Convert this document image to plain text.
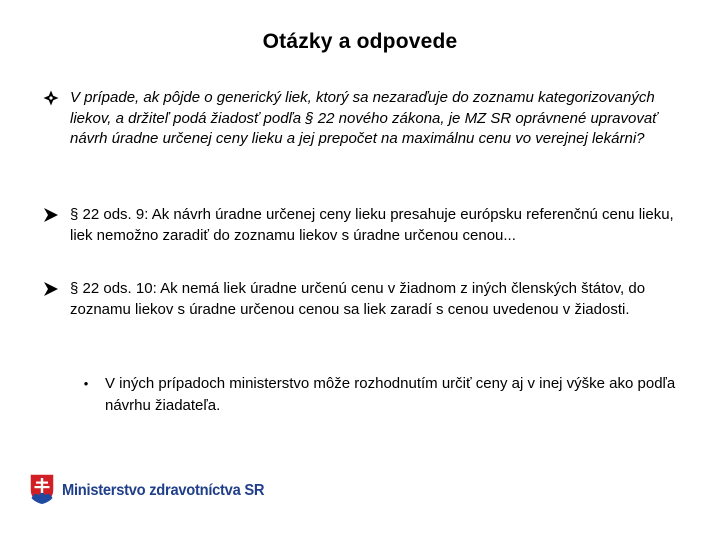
Otázky a odpovede
V prípade, ak pôjde o generický liek, ktorý sa nezaraďuje do zoznamu kategorizovaných liekov, a držiteľ podá žiadosť podľa § 22 nového zákona, je MZ SR oprávnené upravovať návrh úradne určenej ceny lieku a jej prepočet na maximálnu cenu vo verejnej lekárni?
§ 22 ods. 9: Ak návrh úradne určenej ceny lieku presahuje európsku referenčnú cenu lieku, liek nemožno zaradiť do zoznamu liekov s úradne určenou cenou...
§ 22 ods. 10: Ak nemá liek úradne určenú cenu v žiadnom z iných členských štátov, do zoznamu liekov s úradne určenou cenou sa liek zaradí s cenou uvedenou v žiadosti.
• V iných prípadoch ministerstvo môže rozhodnutím určiť ceny aj v inej výške ako podľa návrhu žiadateľa.
Ministerstvo zdravotníctva SR
